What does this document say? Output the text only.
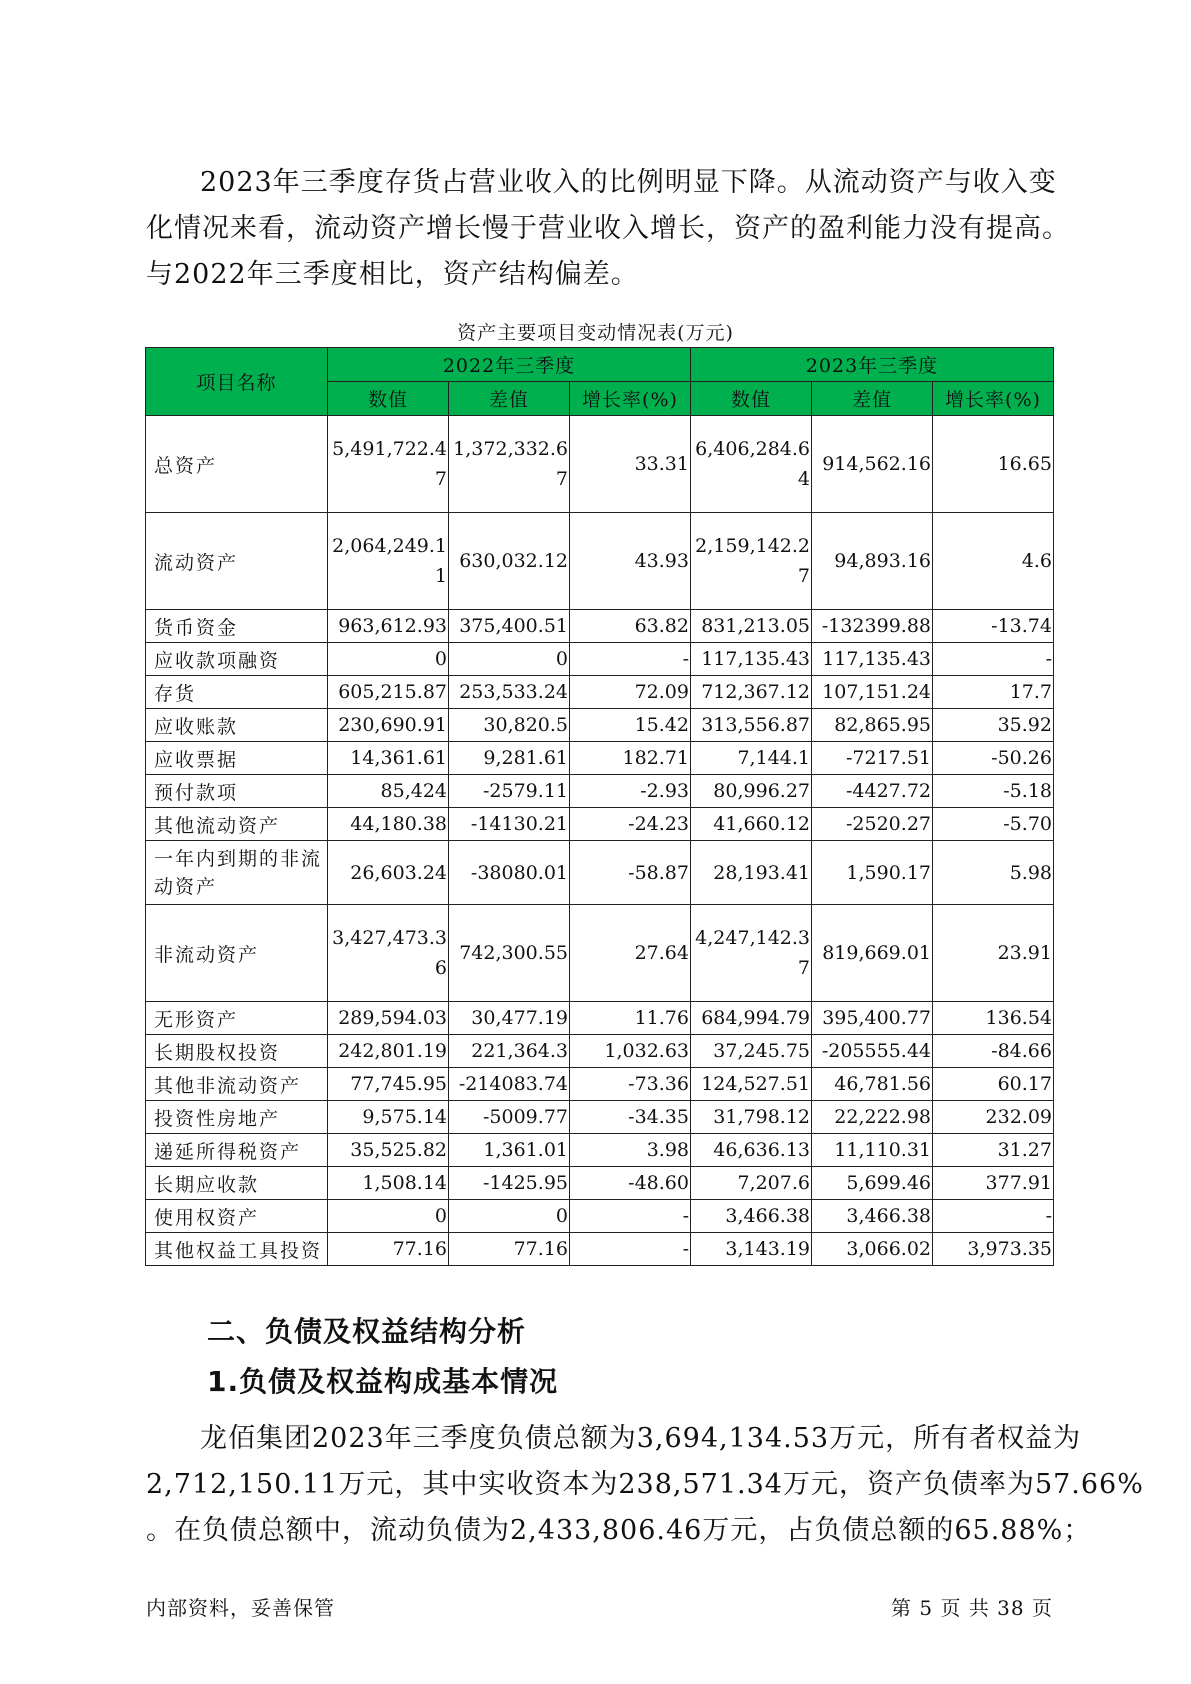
2023年三季度存货占营业收入的比例明显下降。从流动资产与收入变
化情况来看，流动资产增长慢于营业收入增长，资产的盈利能力没有提高。
与2022年三季度相比，资产结构偏差。
资产主要项目变动情况表(万元)
项目名称	2022年三季度			2023年三季度		
	数值	差值	增长率(%)	数值	差值	增长率(%)
总资产	5,491,722.47	1,372,332.67	33.31	6,406,284.64	914,562.16	16.65
流动资产	2,064,249.11	630,032.12	43.93	2,159,142.27	94,893.16	4.6
货币资金	963,612.93	375,400.51	63.82	831,213.05	-132399.88	-13.74
应收款项融资	0	0	-	117,135.43	117,135.43	-
存货	605,215.87	253,533.24	72.09	712,367.12	107,151.24	17.7
应收账款	230,690.91	30,820.5	15.42	313,556.87	82,865.95	35.92
应收票据	14,361.61	9,281.61	182.71	7,144.1	-7217.51	-50.26
预付款项	85,424	-2579.11	-2.93	80,996.27	-4427.72	-5.18
其他流动资产	44,180.38	-14130.21	-24.23	41,660.12	-2520.27	-5.70
一年内到期的非流动资产	26,603.24	-38080.01	-58.87	28,193.41	1,590.17	5.98
非流动资产	3,427,473.36	742,300.55	27.64	4,247,142.37	819,669.01	23.91
无形资产	289,594.03	30,477.19	11.76	684,994.79	395,400.77	136.54
长期股权投资	242,801.19	221,364.3	1,032.63	37,245.75	-205555.44	-84.66
其他非流动资产	77,745.95	-214083.74	-73.36	124,527.51	46,781.56	60.17
投资性房地产	9,575.14	-5009.77	-34.35	31,798.12	22,222.98	232.09
递延所得税资产	35,525.82	1,361.01	3.98	46,636.13	11,110.31	31.27
长期应收款	1,508.14	-1425.95	-48.60	7,207.6	5,699.46	377.91
使用权资产	0	0	-	3,466.38	3,466.38	-
其他权益工具投资	77.16	77.16	-	3,143.19	3,066.02	3,973.35
二、负债及权益结构分析
1.负债及权益构成基本情况
龙佰集团2023年三季度负债总额为3,694,134.53万元，所有者权益为
2,712,150.11万元，其中实收资本为238,571.34万元，资产负债率为57.66%
。在负债总额中，流动负债为2,433,806.46万元，占负债总额的65.88%；
内部资料，妥善保管	第 5 页 共 38 页
